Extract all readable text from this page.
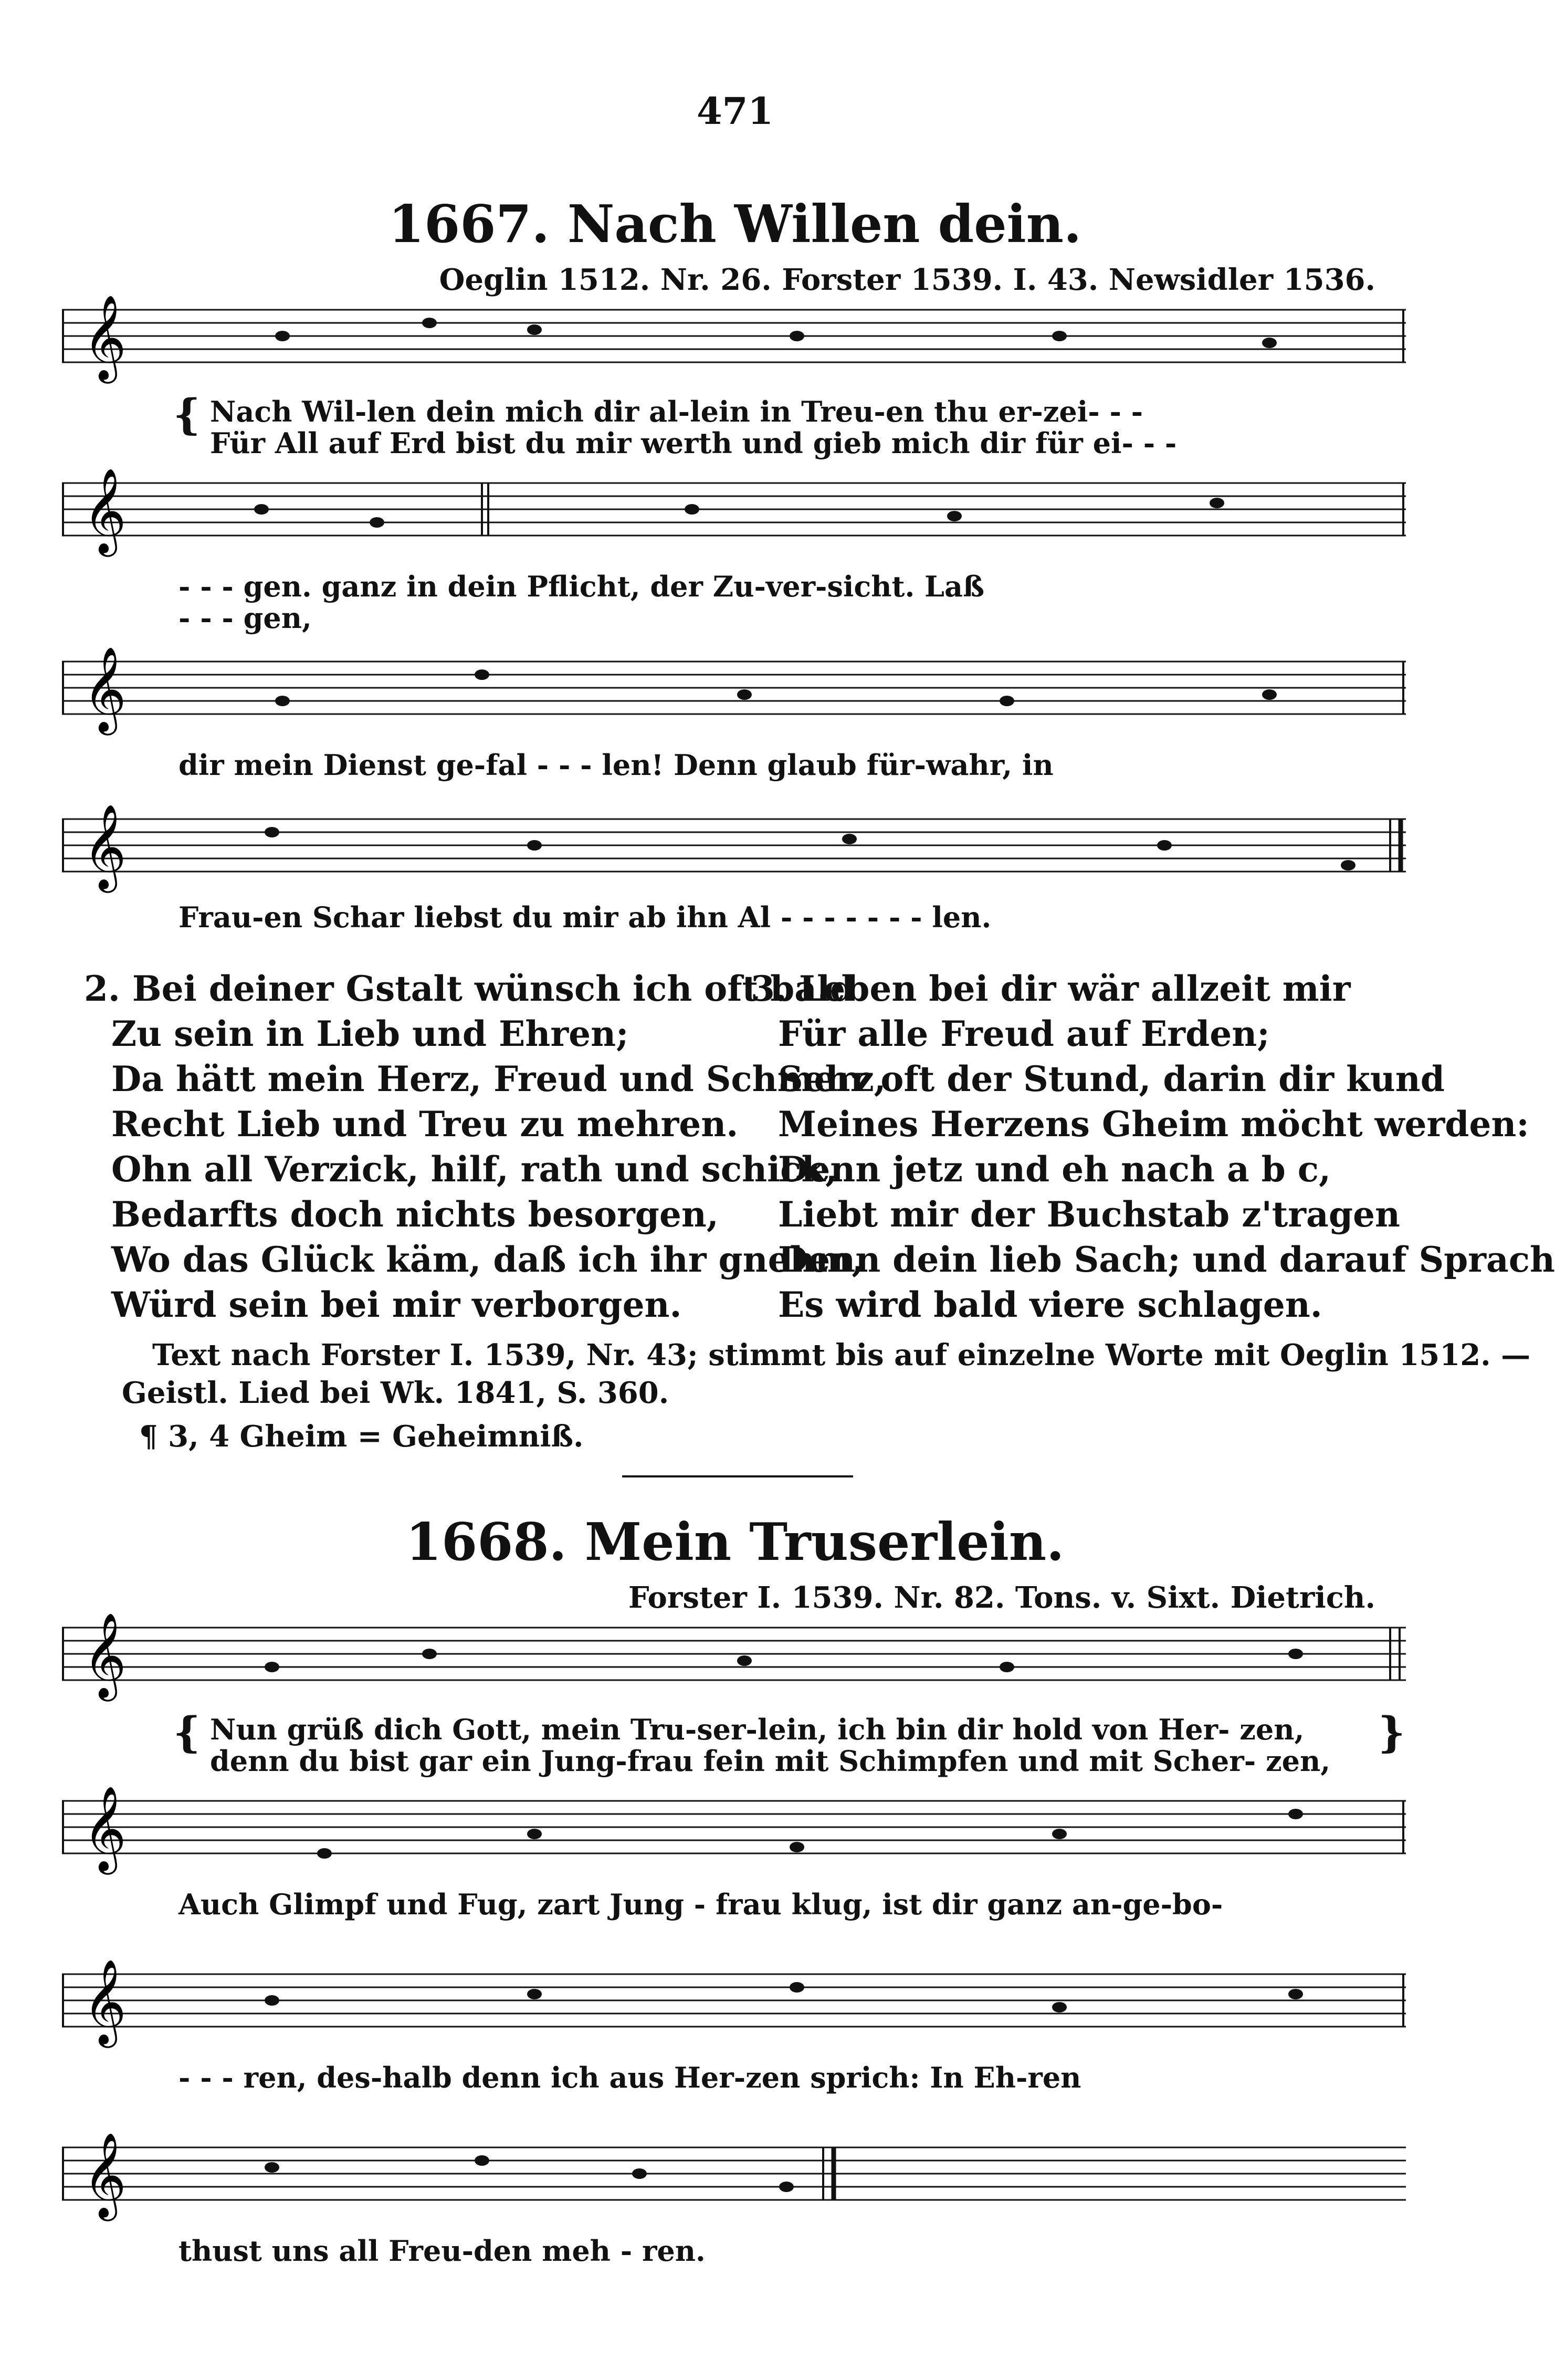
471
1667. Nach Willen dein.
Oeglin 1512. Nr. 26. Forster 1539. I. 43. Newsidler 1536.
𝄞
{ Nach Wil-len dein mich dir al-lein in Treu-en thu er-zei- - -
Für All auf Erd bist du mir werth und gieb mich dir für ei- - -
𝄞
- - - gen. ganz in dein Pflicht, der Zu-ver-sicht. Laß
- - - gen,
𝄞
dir mein Dienst ge-fal - - - len! Denn glaub für-wahr, in
𝄞
Frau-en Schar liebst du mir ab ihn Al - - - - - - - len.
2. Bei deiner Gstalt wünsch ich oft bald
Zu sein in Lieb und Ehren;
Da hätt mein Herz, Freud und Schmerz,
Recht Lieb und Treu zu mehren.
Ohn all Verzick, hilf, rath und schick,
Bedarfts doch nichts besorgen,
Wo das Glück käm, daß ich ihr gnehm,
Würd sein bei mir verborgen.
3. Leben bei dir wär allzeit mir
Für alle Freud auf Erden;
Sehr oft der Stund, darin dir kund
Meines Herzens Gheim möcht werden:
Denn jetz und eh nach a b c,
Liebt mir der Buchstab z'tragen
Denn dein lieb Sach; und darauf Sprach
Es wird bald viere schlagen.
Text nach Forster I. 1539, Nr. 43; stimmt bis auf einzelne Worte mit Oeglin 1512. —
Geistl. Lied bei Wk. 1841, S. 360.
¶ 3, 4 Gheim = Geheimniß.
1668. Mein Truserlein.
Forster I. 1539. Nr. 82. Tons. v. Sixt. Dietrich.
𝄞
{ Nun grüß dich Gott, mein Tru-ser-lein, ich bin dir hold von Her- zen,
denn du bist gar ein Jung-frau fein mit Schimpfen und mit Scher- zen,
}
𝄞
Auch Glimpf und Fug, zart Jung - frau klug, ist dir ganz an-ge-bo-
𝄞
- - - ren, des-halb denn ich aus Her-zen sprich: In Eh-ren
𝄞
thust uns all Freu-den meh - ren.
